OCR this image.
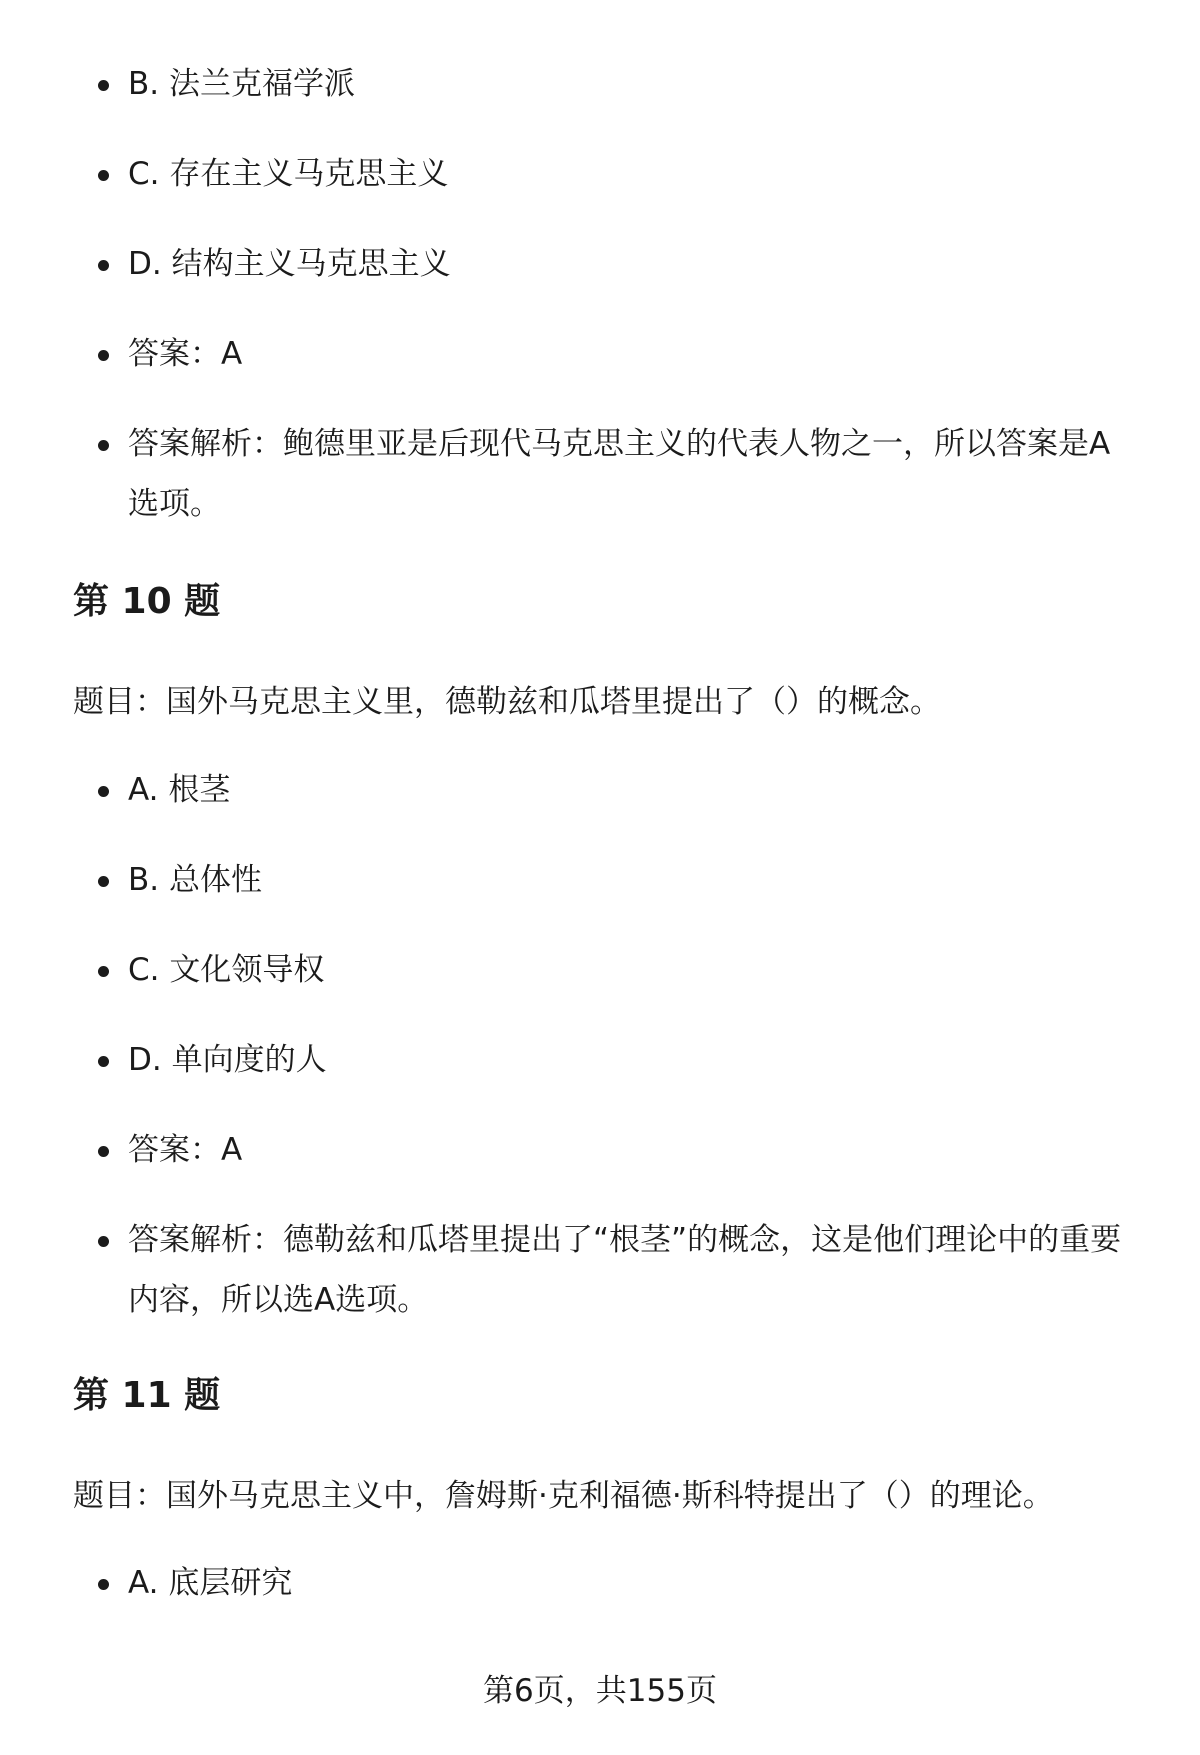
B. 法兰克福学派
C. 存在主义马克思主义
D. 结构主义马克思主义
答案：A
答案解析：鲍德里亚是后现代马克思主义的代表人物之一，所以答案是A选项。
第 10 题

题目：国外马克思主义里，德勒兹和瓜塔里提出了（）的概念。

A. 根茎
B. 总体性
C. 文化领导权
D. 单向度的人
答案：A
答案解析：德勒兹和瓜塔里提出了“根茎”的概念，这是他们理论中的重要内容，所以选A选项。
第 11 题

题目：国外马克思主义中，詹姆斯·克利福德·斯科特提出了（）的理论。

A. 底层研究
第6页，共155页
